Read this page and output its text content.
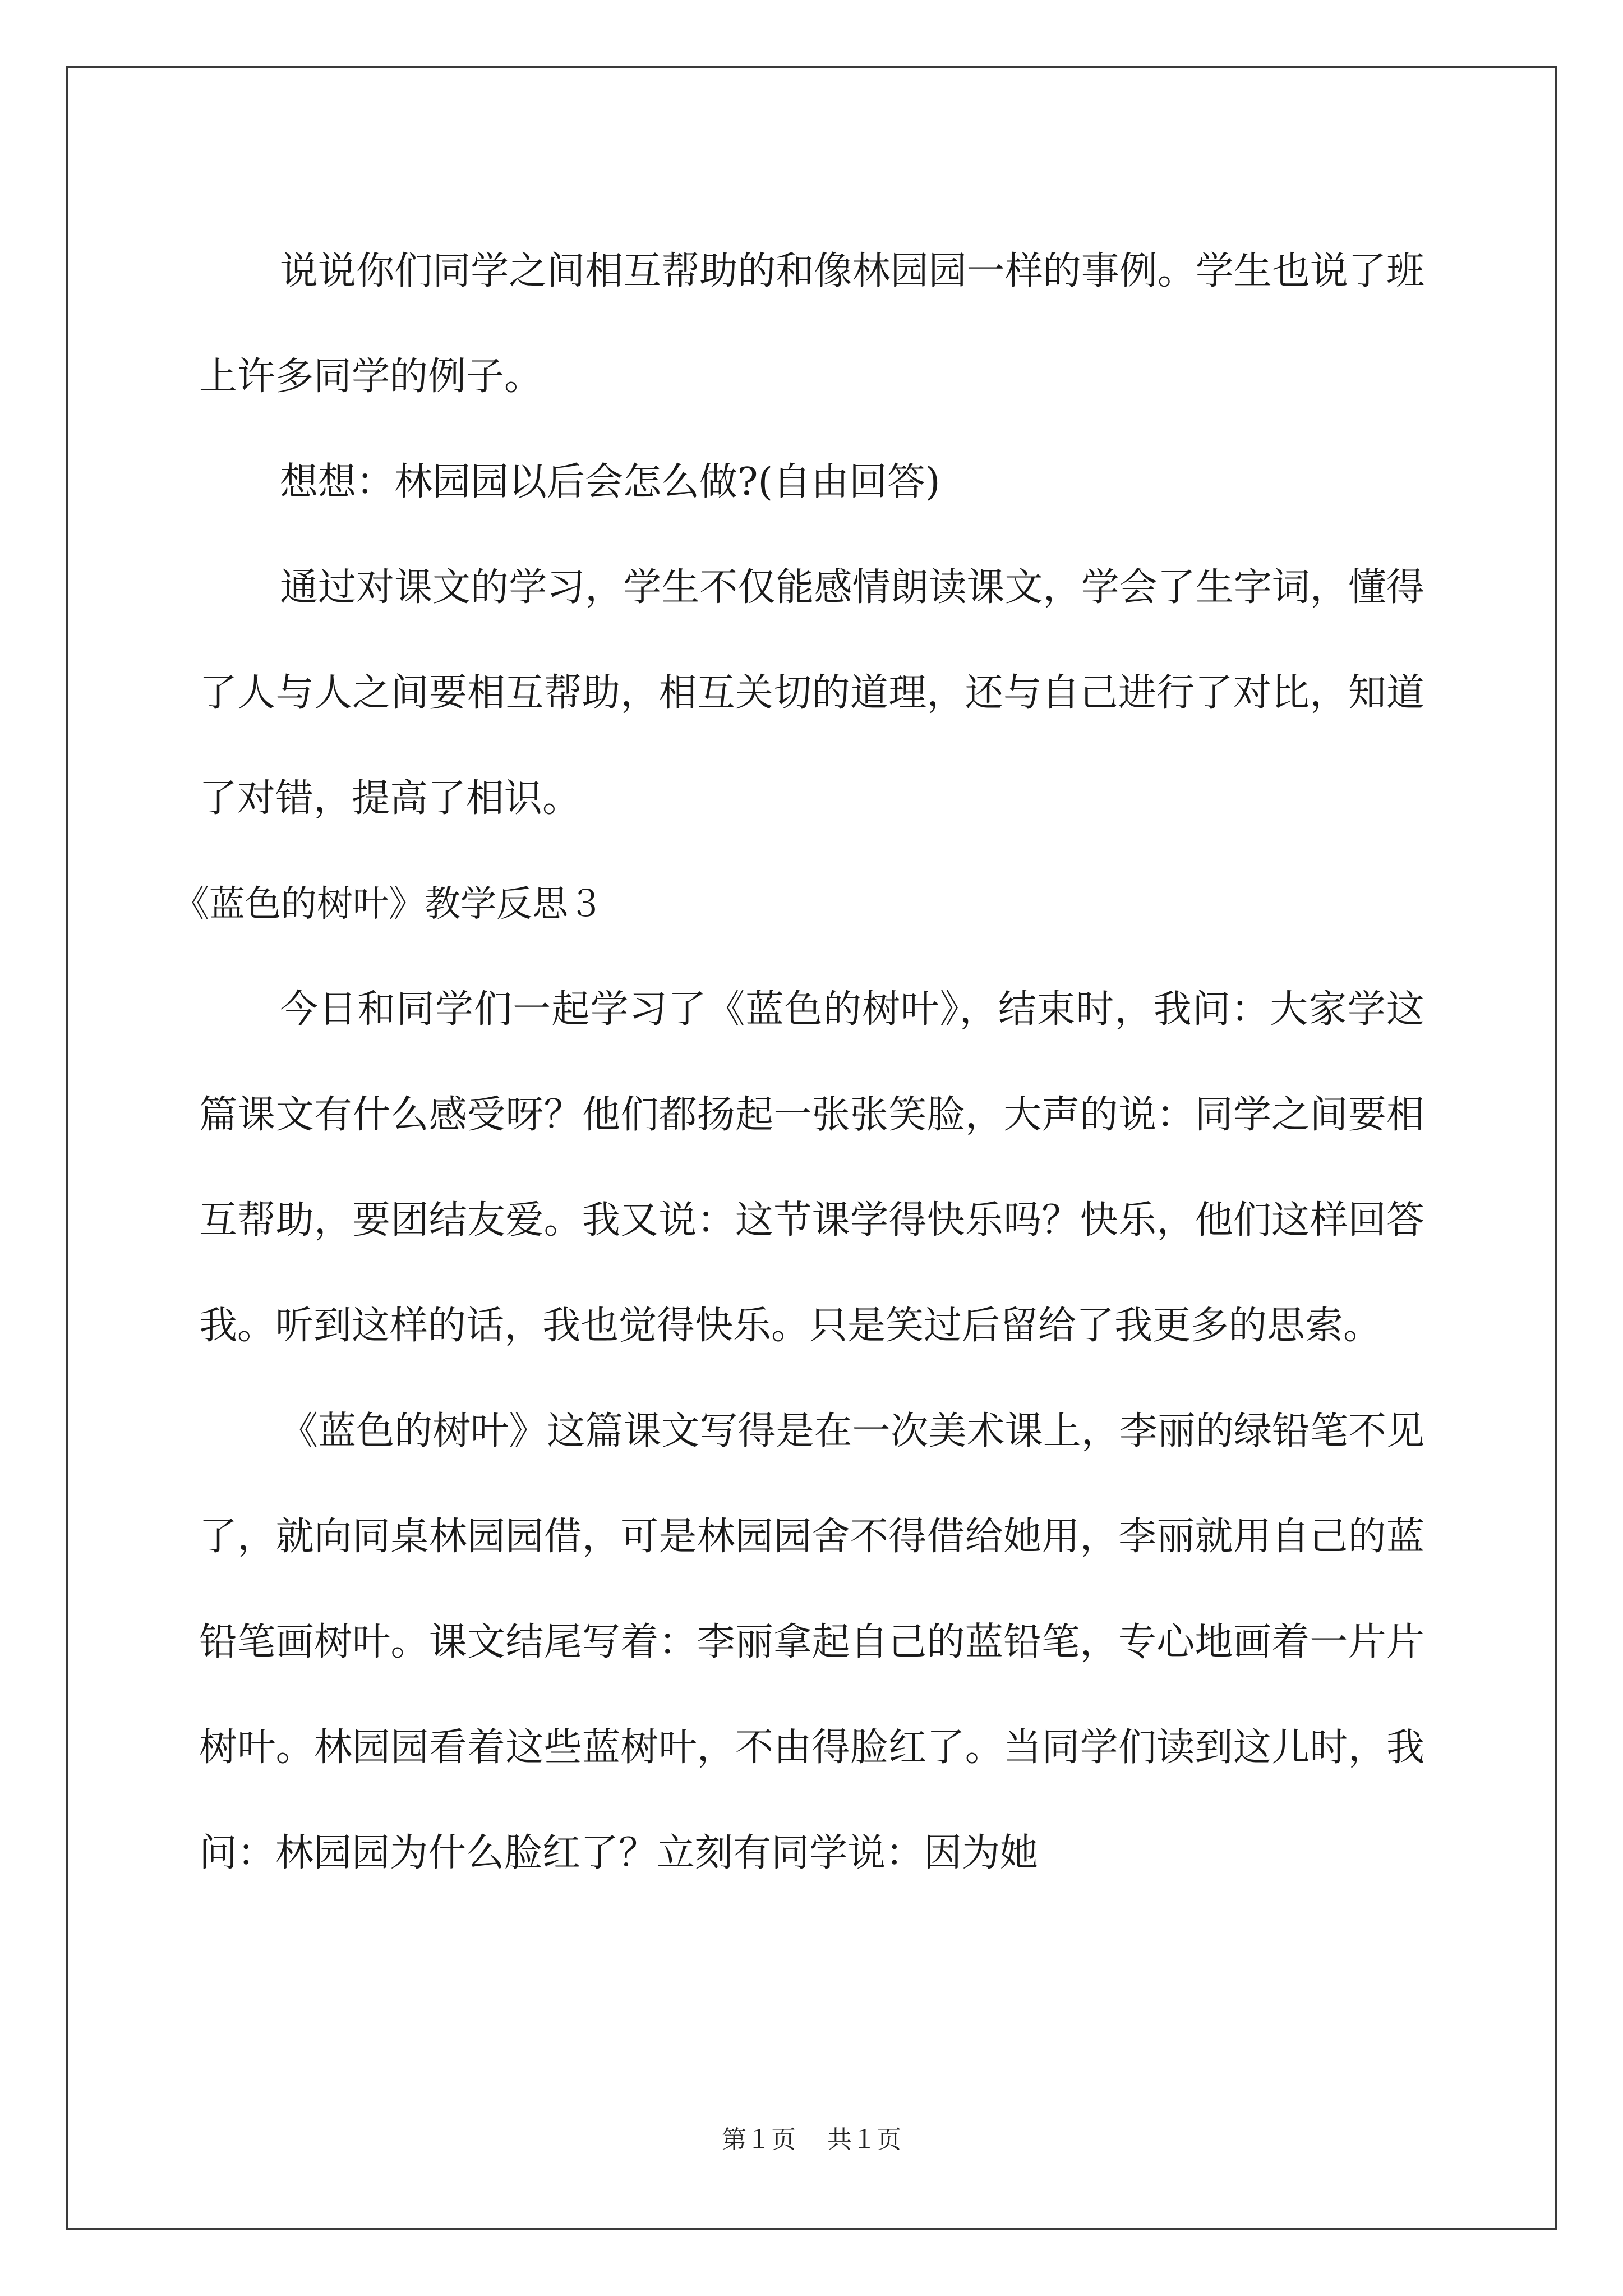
说说你们同学之间相互帮助的和像林园园一样的事例。学生也说了班上许多同学的例子。

想想：林园园以后会怎么做?(自由回答)

通过对课文的学习，学生不仅能感情朗读课文，学会了生字词，懂得了人与人之间要相互帮助，相互关切的道理，还与自己进行了对比，知道了对错，提高了相识。

《蓝色的树叶》教学反思３

今日和同学们一起学习了《蓝色的树叶》，结束时，我问：大家学这篇课文有什么感受呀？他们都扬起一张张笑脸，大声的说：同学之间要相互帮助，要团结友爱。我又说：这节课学得快乐吗？快乐，他们这样回答我。听到这样的话，我也觉得快乐。只是笑过后留给了我更多的思索。

《蓝色的树叶》这篇课文写得是在一次美术课上，李丽的绿铅笔不见了，就向同桌林园园借，可是林园园舍不得借给她用，李丽就用自己的蓝铅笔画树叶。课文结尾写着：李丽拿起自己的蓝铅笔，专心地画着一片片树叶。林园园看着这些蓝树叶，不由得脸红了。当同学们读到这儿时，我问：林园园为什么脸红了？立刻有同学说：因为她

第１页 共１页
